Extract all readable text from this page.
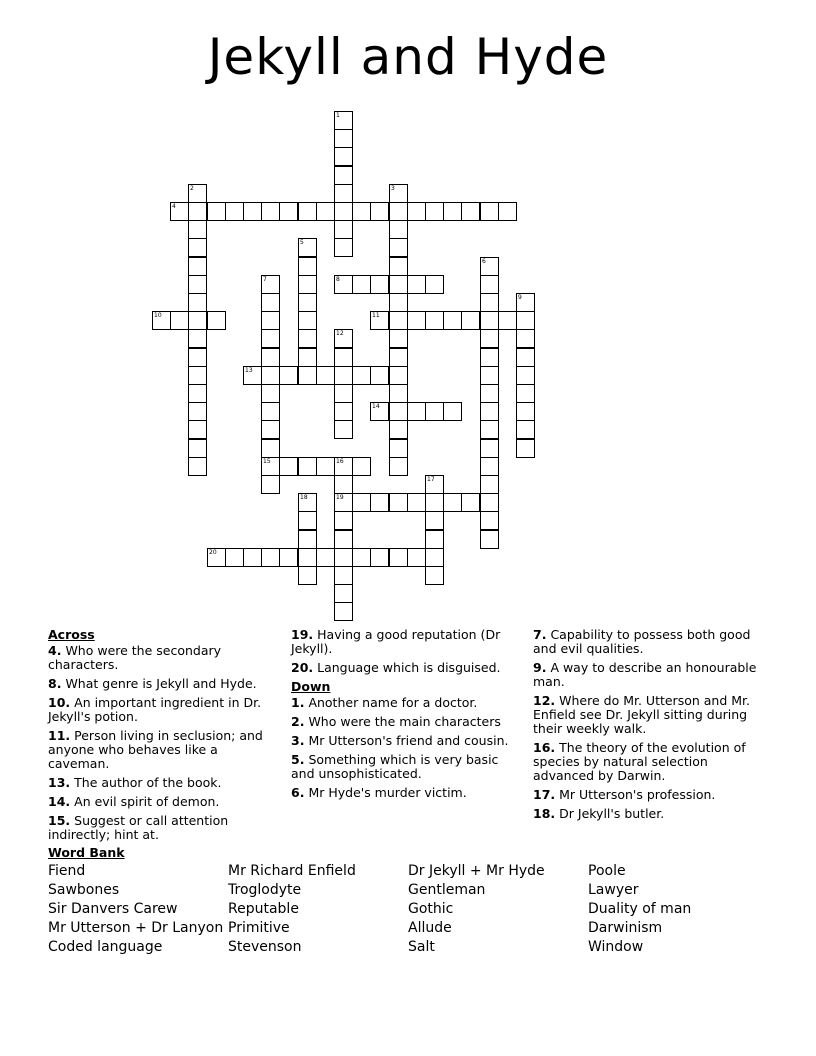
Jekyll and Hyde
1
2	3
4
5
6
7
15
8
9
10	11
12
13
14
16
19
17
18
20
Across
4. Who were the secondary characters.
8. What genre is Jekyll and Hyde.
10. An important ingredient in Dr. Jekyll's potion.
11. Person living in seclusion; and anyone who behaves like a caveman.
13. The author of the book.
14. An evil spirit of demon.
15. Suggest or call attention indirectly; hint at.
19. Having a good reputation (Dr Jekyll).
20. Language which is disguised.
Down
1. Another name for a doctor.
2. Who were the main characters
3. Mr Utterson's friend and cousin.
5. Something which is very basic and unsophisticated.
6. Mr Hyde's murder victim.
7. Capability to possess both good and evil qualities.
9. A way to describe an honourable man.
12. Where do Mr. Utterson and Mr. Enfield see Dr. Jekyll sitting during their weekly walk.
16. The theory of the evolution of species by natural selection advanced by Darwin.
17. Mr Utterson's profession.
18. Dr Jekyll's butler.
Word Bank
Fiend
Sawbones
Sir Danvers Carew
Mr Utterson + Dr Lanyon
Coded language
Mr Richard Enfield
Troglodyte
Reputable
Primitive
Stevenson
Dr Jekyll + Mr Hyde
Gentleman
Gothic
Allude
Salt
Poole
Lawyer
Duality of man
Darwinism
Window
